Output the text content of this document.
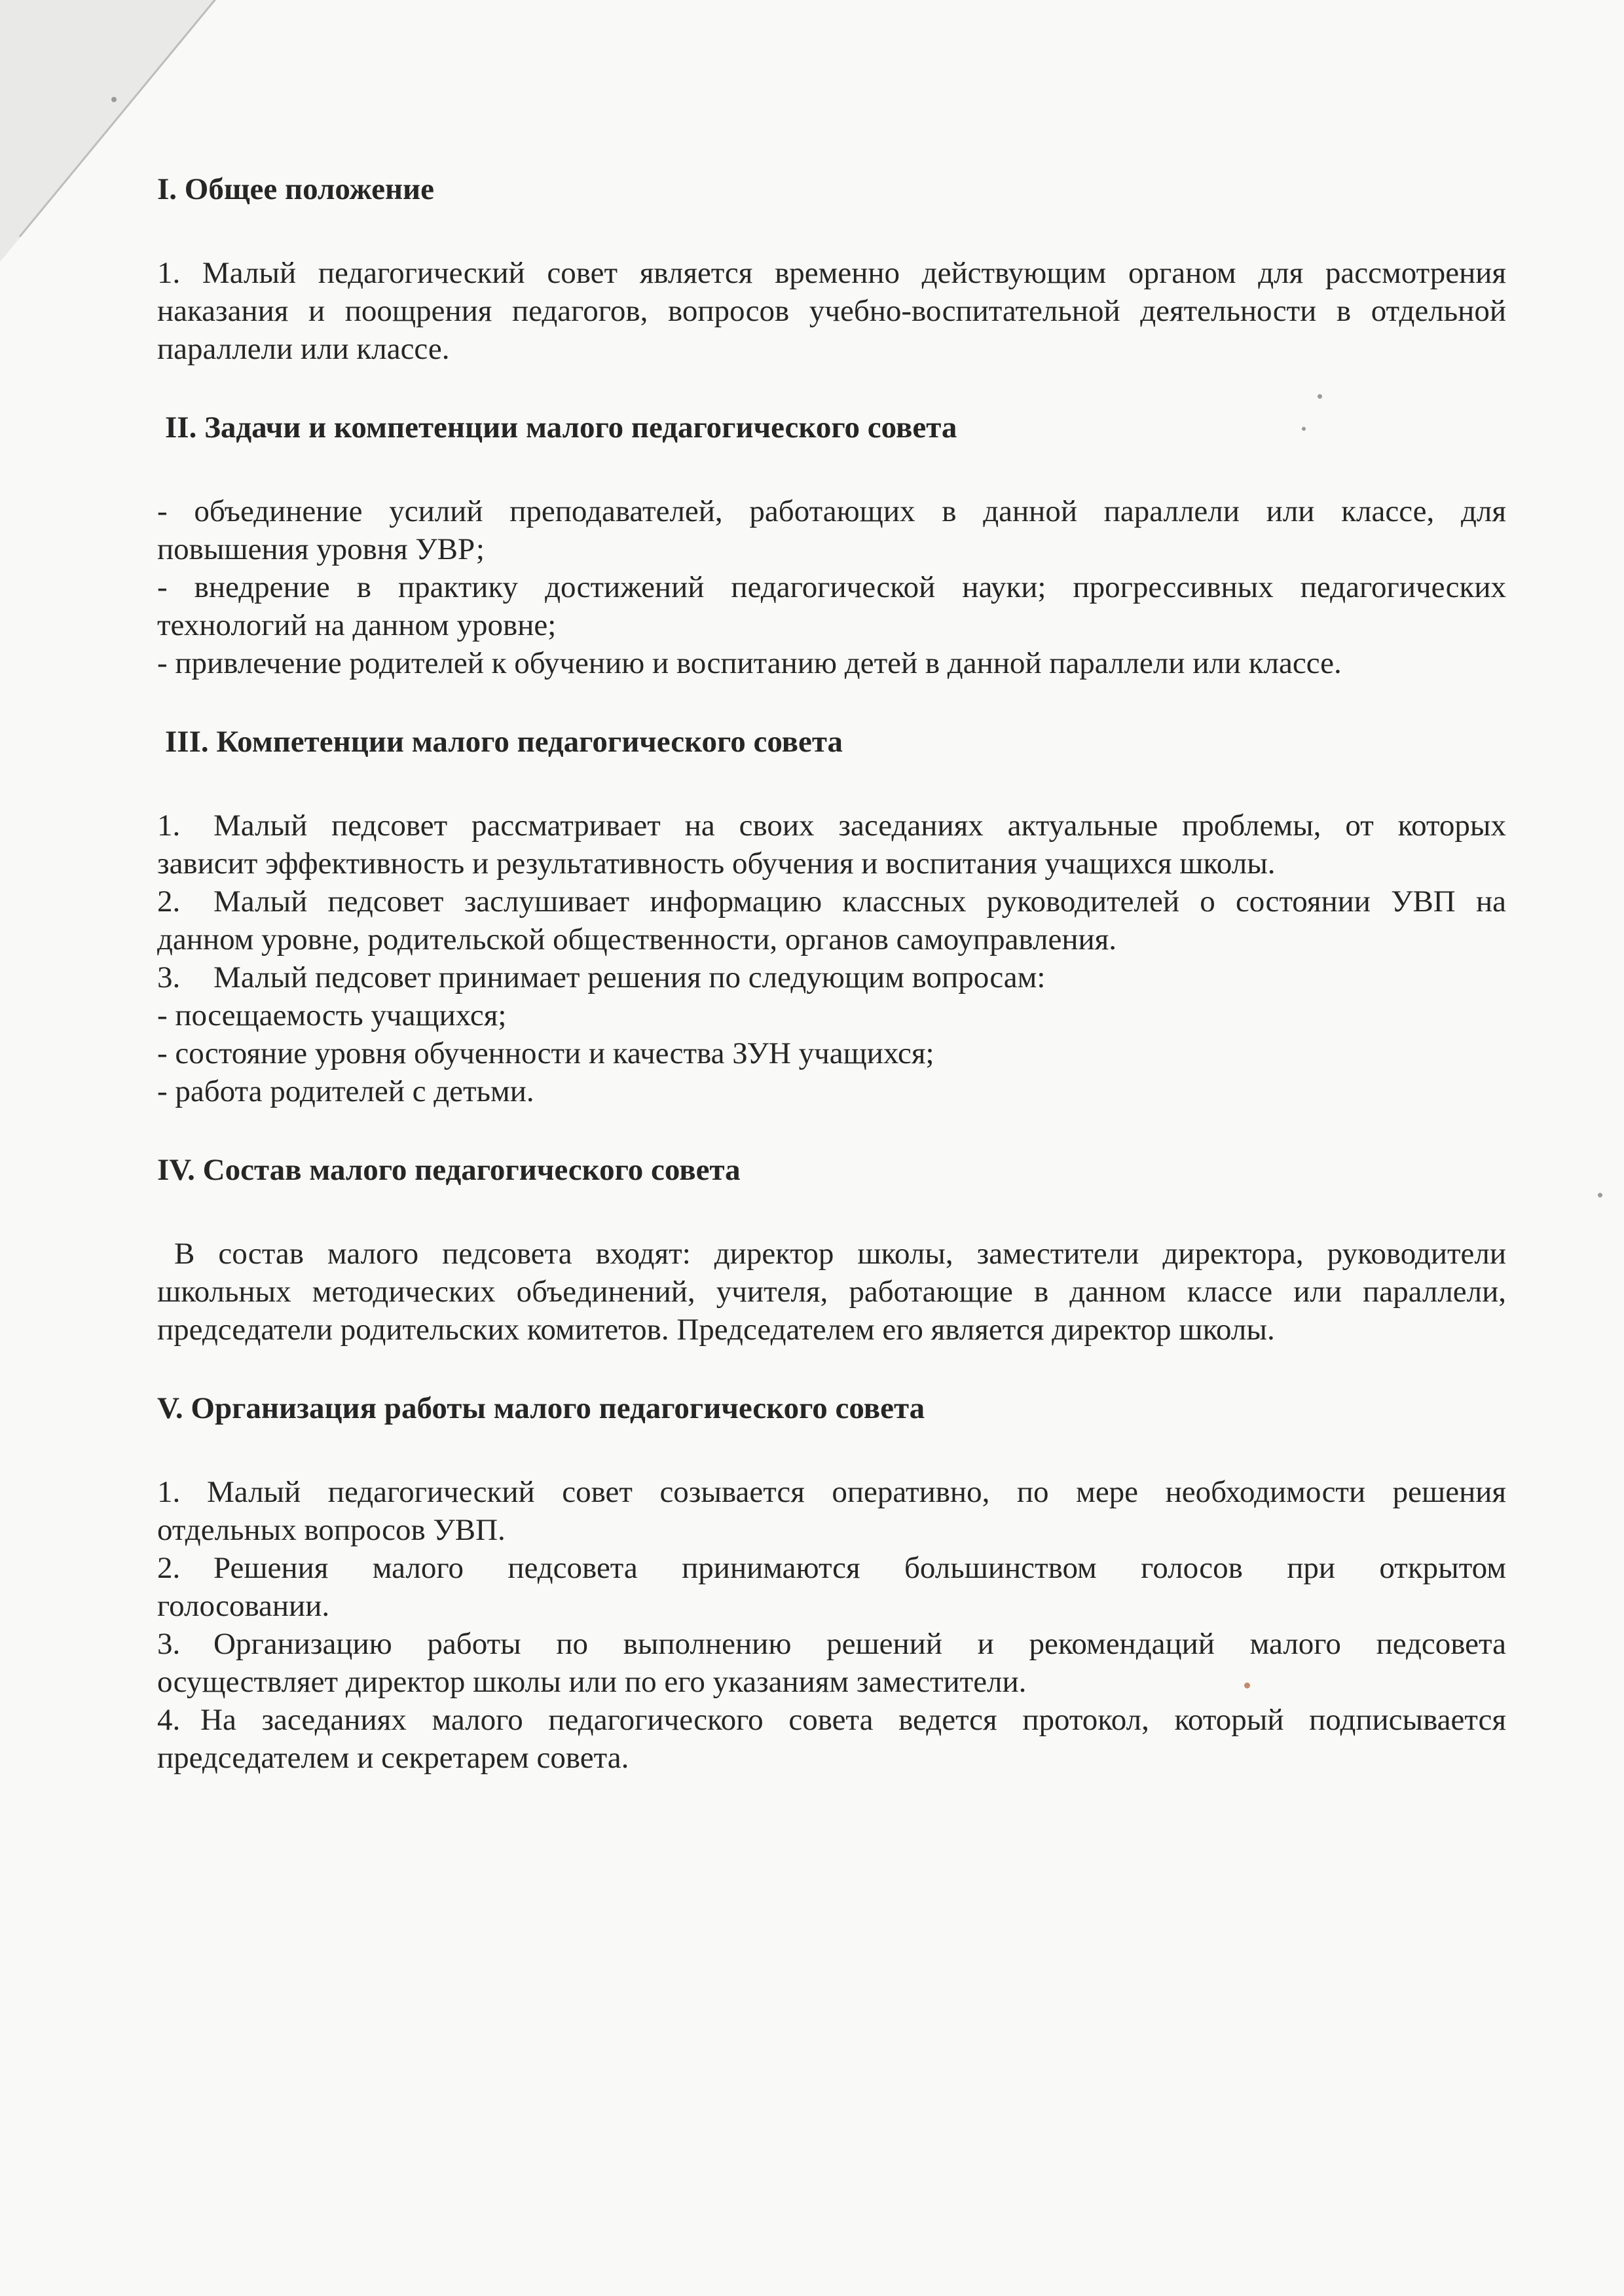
I. Общее положение

1. Малый педагогический совет является временно действующим органом для рассмотрения
наказания и поощрения педагогов, вопросов учебно-воспитательной деятельности в отдельной
параллели или классе.

II. Задачи и компетенции малого педагогического совета

- объединение усилий преподавателей, работающих в данной параллели или классе, для
повышения уровня УВР;
- внедрение в практику достижений педагогической науки; прогрессивных педагогических
технологий на данном уровне;
- привлечение родителей к обучению и воспитанию детей в данной параллели или классе.

III. Компетенции малого педагогического совета

1.	Малый педсовет рассматривает на своих заседаниях актуальные проблемы, от которых
зависит эффективность и результативность обучения и воспитания учащихся школы.
2.	Малый педсовет заслушивает информацию классных руководителей о состоянии УВП на
данном уровне, родительской общественности, органов самоуправления.
3.	Малый педсовет принимает решения по следующим вопросам:
- посещаемость учащихся;
- состояние уровня обученности и качества ЗУН учащихся;
- работа родителей с детьми.

IV. Состав малого педагогического совета

В состав малого педсовета входят: директор школы, заместители директора, руководители
школьных методических объединений, учителя, работающие в данном классе или параллели,
председатели родительских комитетов. Председателем его является директор школы.

V. Организация работы малого педагогического совета

1. Малый педагогический совет созывается оперативно, по мере необходимости решения
отдельных вопросов УВП.
2.	Решения малого педсовета принимаются большинством голосов при открытом
голосовании.
3.	Организацию работы по выполнению решений и рекомендаций малого педсовета
осуществляет директор школы или по его указаниям заместители.
4. На заседаниях малого педагогического совета ведется протокол, который подписывается
председателем и секретарем совета.
